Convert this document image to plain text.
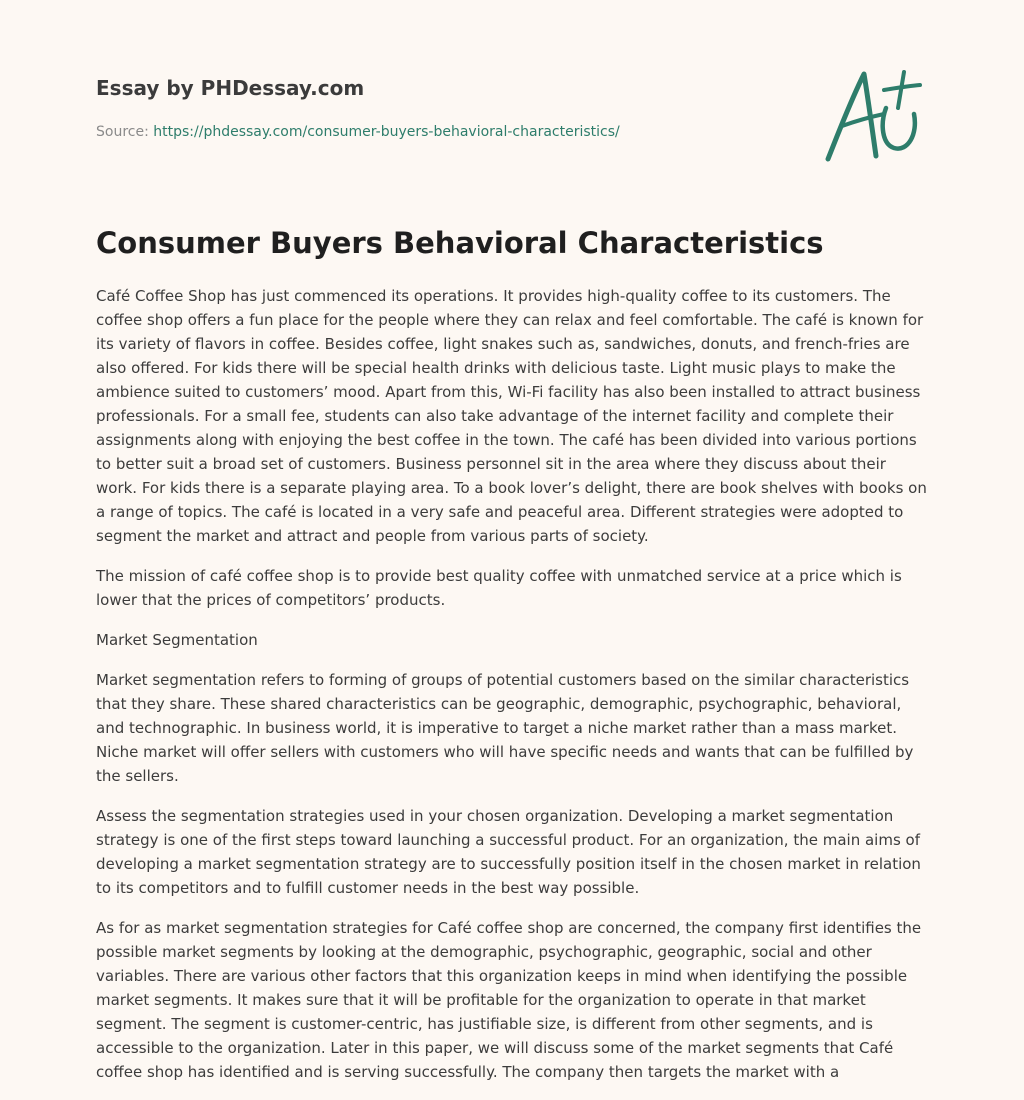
Essay by PHDessay.com
Source: https://phdessay.com/consumer-buyers-behavioral-characteristics/
Consumer Buyers Behavioral Characteristics

Café Coffee Shop has just commenced its operations. It provides high-quality coffee to its customers. The coffee shop offers a fun place for the people where they can relax and feel comfortable. The café is known for its variety of flavors in coffee. Besides coffee, light snakes such as, sandwiches, donuts, and french-fries are also offered. For kids there will be special health drinks with delicious taste. Light music plays to make the ambience suited to customers’ mood. Apart from this, Wi-Fi facility has also been installed to attract business professionals. For a small fee, students can also take advantage of the internet facility and complete their assignments along with enjoying the best coffee in the town. The café has been divided into various portions to better suit a broad set of customers. Business personnel sit in the area where they discuss about their work. For kids there is a separate playing area. To a book lover’s delight, there are book shelves with books on a range of topics. The café is located in a very safe and peaceful area. Different strategies were adopted to segment the market and attract and people from various parts of society.

The mission of café coffee shop is to provide best quality coffee with unmatched service at a price which is lower that the prices of competitors’ products.

Market Segmentation

Market segmentation refers to forming of groups of potential customers based on the similar characteristics that they share. These shared characteristics can be geographic, demographic, psychographic, behavioral, and technographic. In business world, it is imperative to target a niche market rather than a mass market. Niche market will offer sellers with customers who will have specific needs and wants that can be fulfilled by the sellers.

Assess the segmentation strategies used in your chosen organization. Developing a market segmentation strategy is one of the first steps toward launching a successful product. For an organization, the main aims of developing a market segmentation strategy are to successfully position itself in the chosen market in relation to its competitors and to fulfill customer needs in the best way possible.

As for as market segmentation strategies for Café coffee shop are concerned, the company first identifies the possible market segments by looking at the demographic, psychographic, geographic, social and other variables. There are various other factors that this organization keeps in mind when identifying the possible market segments. It makes sure that it will be profitable for the organization to operate in that market segment. The segment is customer-centric, has justifiable size, is different from other segments, and is accessible to the organization. Later in this paper, we will discuss some of the market segments that Café coffee shop has identified and is serving successfully. The company then targets the market with a
